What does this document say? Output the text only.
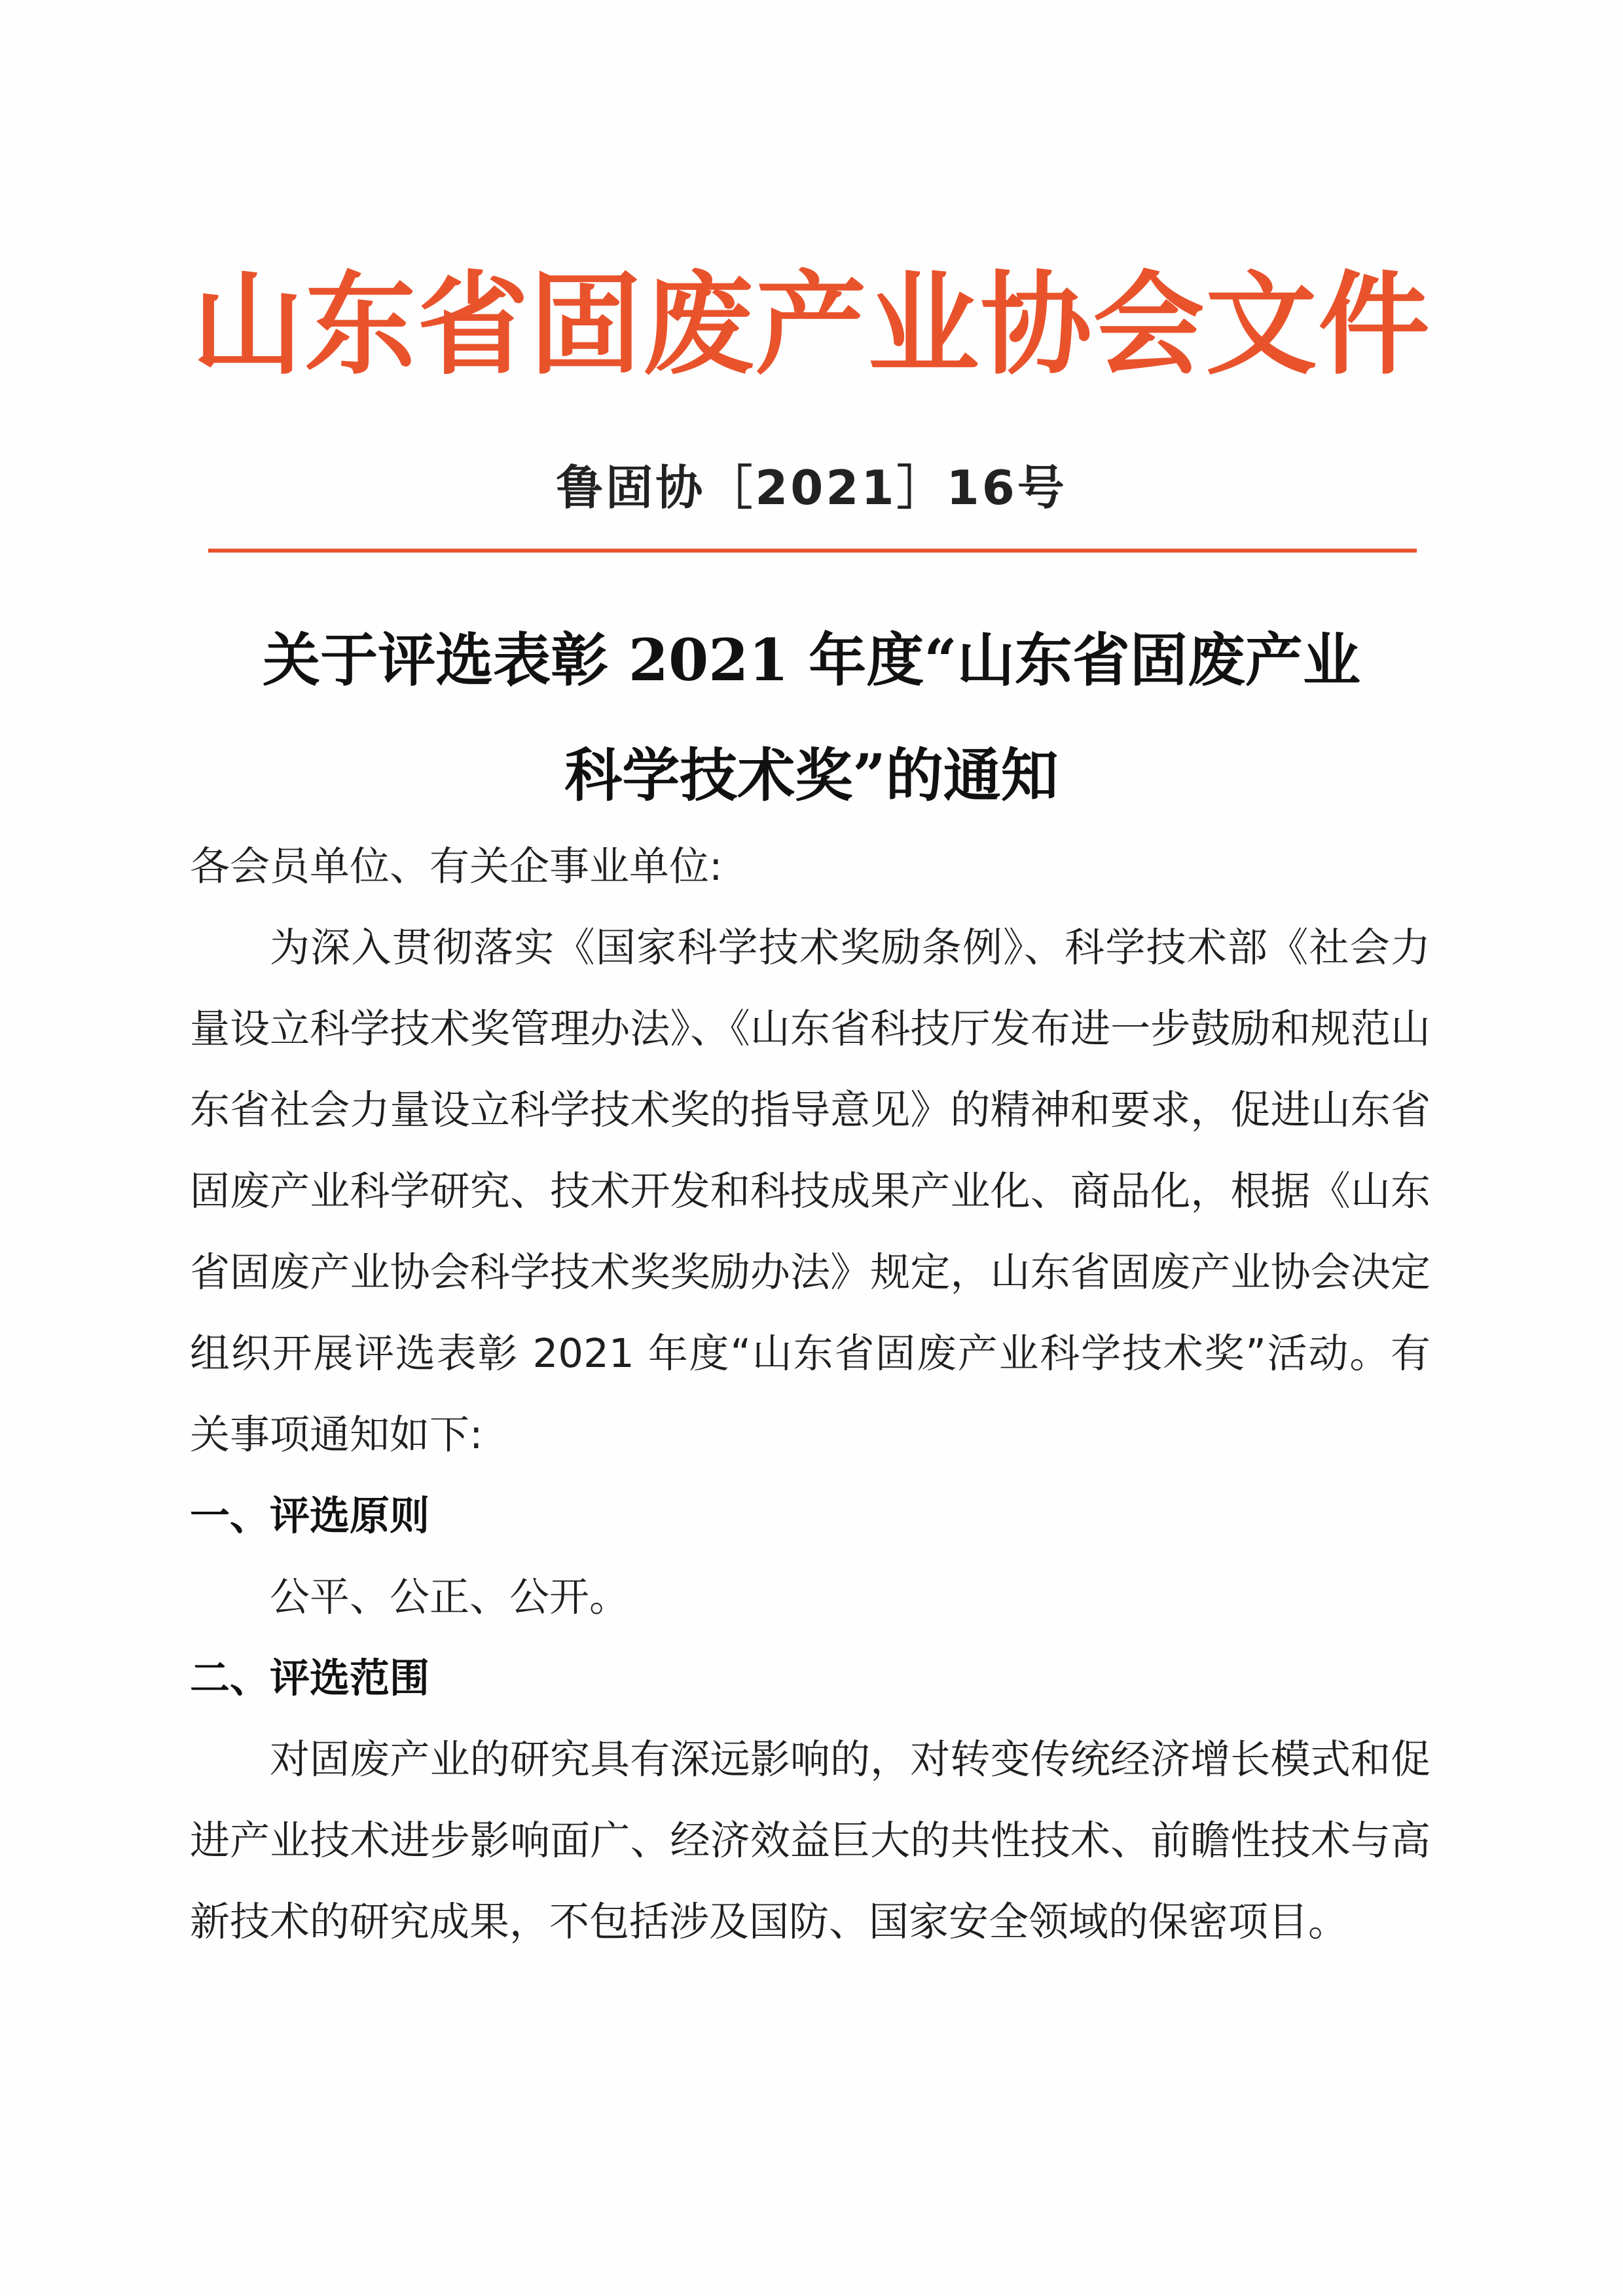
山东省固废产业协会文件
鲁固协［2021］16号
关于评选表彰 2021 年度“山东省固废产业
科学技术奖”的通知

各会员单位、有关企事业单位:

为深入贯彻落实《国家科学技术奖励条例》、科学技术部《社会力量设立科学技术奖管理办法》、《山东省科技厅发布进一步鼓励和规范山东省社会力量设立科学技术奖的指导意见》的精神和要求，促进山东省固废产业科学研究、技术开发和科技成果产业化、商品化，根据《山东省固废产业协会科学技术奖奖励办法》规定，山东省固废产业协会决定组织开展评选表彰 2021 年度“山东省固废产业科学技术奖”活动。有关事项通知如下:

一、评选原则

公平、公正、公开。

二、评选范围

对固废产业的研究具有深远影响的，对转变传统经济增长模式和促进产业技术进步影响面广、经济效益巨大的共性技术、前瞻性技术与高新技术的研究成果，不包括涉及国防、国家安全领域的保密项目。
